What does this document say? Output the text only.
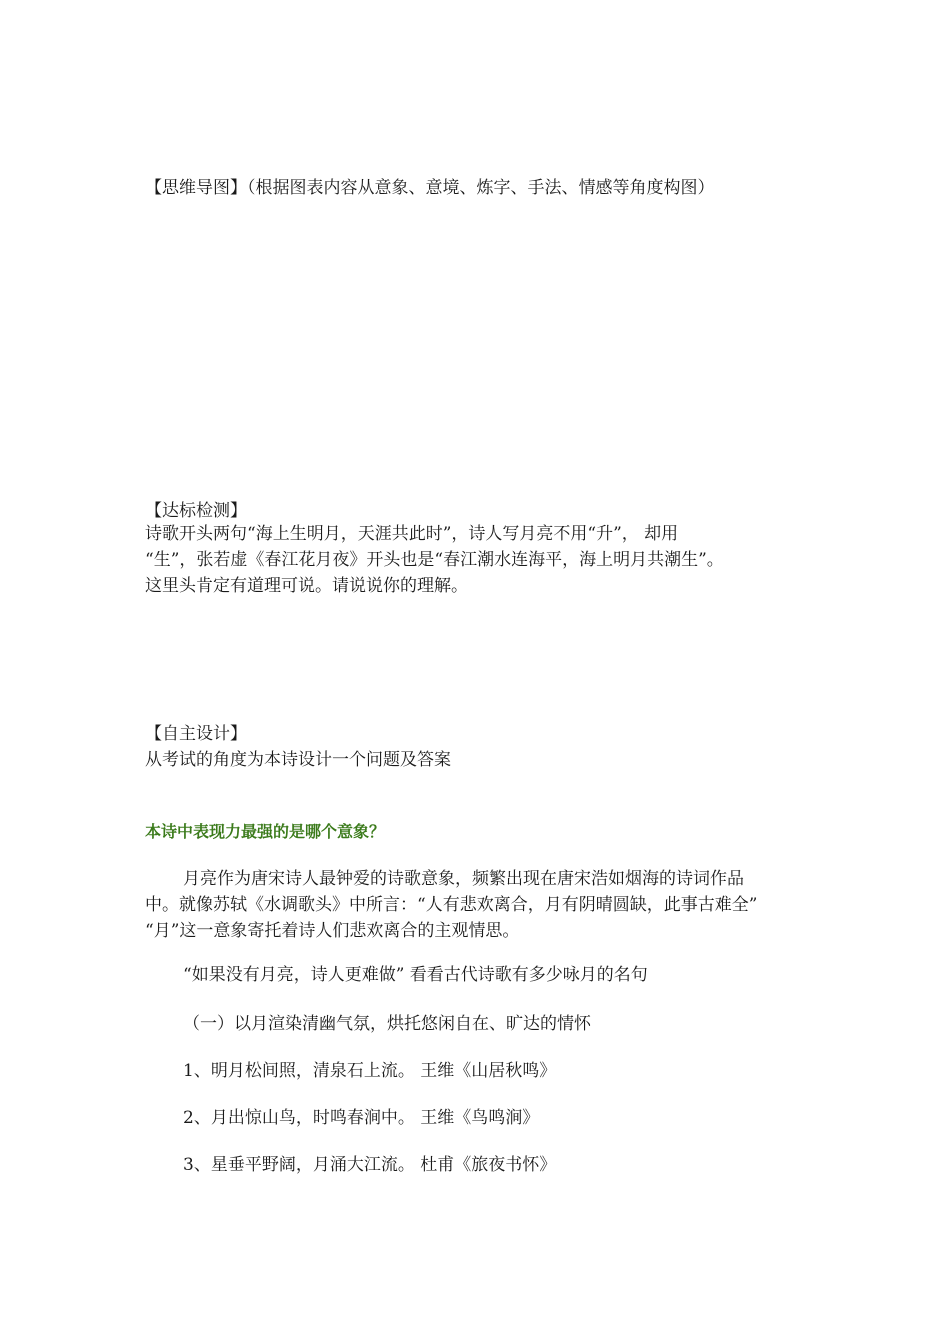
【思维导图】（根据图表内容从意象、意境、炼字、手法、情感等角度构图）
【达标检测】

诗歌开头两句“海上生明月，天涯共此时”，诗人写月亮不用“升”， 却用

“生”，张若虚《春江花月夜》开头也是“春江潮水连海平，海上明月共潮生”。

这里头肯定有道理可说。请说说你的理解。

【自主设计】
从考试的角度为本诗设计一个问题及答案
本诗中表现力最强的是哪个意象？

月亮作为唐宋诗人最钟爱的诗歌意象，频繁出现在唐宋浩如烟海的诗词作品

中。就像苏轼《水调歌头》中所言：“人有悲欢离合，月有阴晴圆缺，此事古难全”

“月”这一意象寄托着诗人们悲欢离合的主观情思。

“如果没有月亮，诗人更难做” 看看古代诗歌有多少咏月的名句
（一）以月渲染清幽气氛，烘托悠闲自在、旷达的情怀
1、明月松间照，清泉石上流。 王维《山居秋鸣》
2、月出惊山鸟，时鸣春涧中。 王维《鸟鸣涧》
3、星垂平野阔，月涌大江流。 杜甫《旅夜书怀》
